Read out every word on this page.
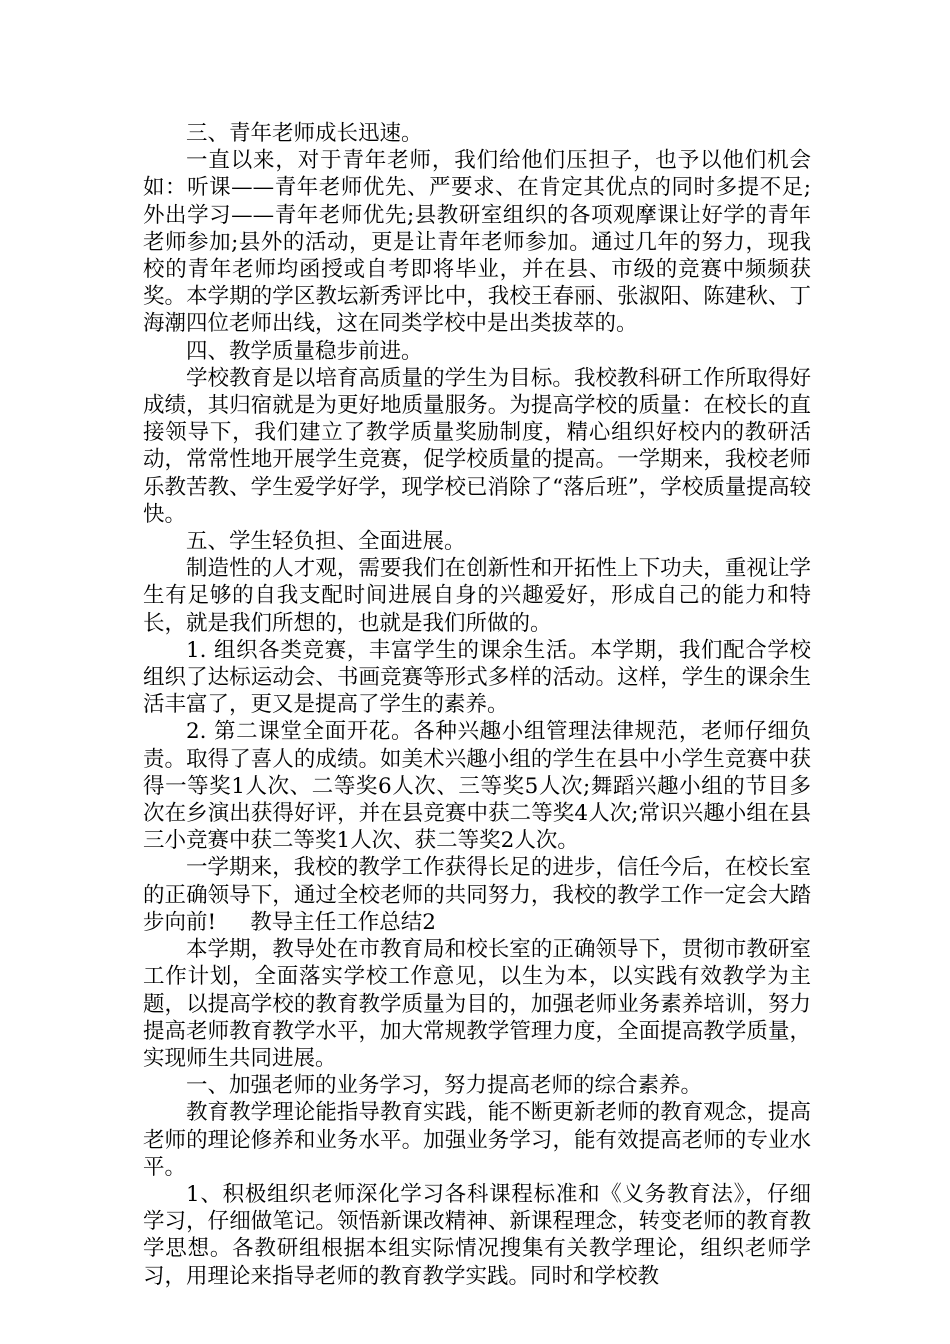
三、青年老师成长迅速。

一直以来，对于青年老师，我们给他们压担子，也予以他们机会如：听课——青年老师优先、严要求、在肯定其优点的同时多提不足;外出学习——青年老师优先;县教研室组织的各项观摩课让好学的青年老师参加;县外的活动，更是让青年老师参加。通过几年的努力，现我校的青年老师均函授或自考即将毕业，并在县、市级的竞赛中频频获奖。本学期的学区教坛新秀评比中，我校王春丽、张淑阳、陈建秋、丁海潮四位老师出线，这在同类学校中是出类拔萃的。

四、教学质量稳步前进。

学校教育是以培育高质量的学生为目标。我校教科研工作所取得好成绩，其归宿就是为更好地质量服务。为提高学校的质量：在校长的直接领导下，我们建立了教学质量奖励制度，精心组织好校内的教研活动，常常性地开展学生竞赛，促学校质量的提高。一学期来，我校老师乐教苦教、学生爱学好学，现学校已消除了“落后班”，学校质量提高较快。

五、学生轻负担、全面进展。

制造性的人才观，需要我们在创新性和开拓性上下功夫，重视让学生有足够的自我支配时间进展自身的兴趣爱好，形成自己的能力和特长，就是我们所想的，也就是我们所做的。

1. 组织各类竞赛，丰富学生的课余生活。本学期，我们配合学校组织了达标运动会、书画竞赛等形式多样的活动。这样，学生的课余生活丰富了，更又是提高了学生的素养。

2. 第二课堂全面开花。各种兴趣小组管理法律规范，老师仔细负责。取得了喜人的成绩。如美术兴趣小组的学生在县中小学生竞赛中获得一等奖1人次、二等奖6人次、三等奖5人次;舞蹈兴趣小组的节目多次在乡演出获得好评，并在县竞赛中获二等奖4人次;常识兴趣小组在县三小竞赛中获二等奖1人次、获二等奖2人次。

一学期来，我校的教学工作获得长足的进步，信任今后，在校长室的正确领导下，通过全校老师的共同努力，我校的教学工作一定会大踏步向前!     教导主任工作总结2

本学期，教导处在市教育局和校长室的正确领导下，贯彻市教研室工作计划，全面落实学校工作意见，以生为本，以实践有效教学为主题，以提高学校的教育教学质量为目的，加强老师业务素养培训，努力提高老师教育教学水平，加大常规教学管理力度，全面提高教学质量，实现师生共同进展。

一、加强老师的业务学习，努力提高老师的综合素养。

教育教学理论能指导教育实践，能不断更新老师的教育观念，提高老师的理论修养和业务水平。加强业务学习，能有效提高老师的专业水平。

1、积极组织老师深化学习各科课程标准和《义务教育法》，仔细学习，仔细做笔记。领悟新课改精神、新课程理念，转变老师的教育教学思想。各教研组根据本组实际情况搜集有关教学理论，组织老师学习，用理论来指导老师的教育教学实践。同时和学校教
